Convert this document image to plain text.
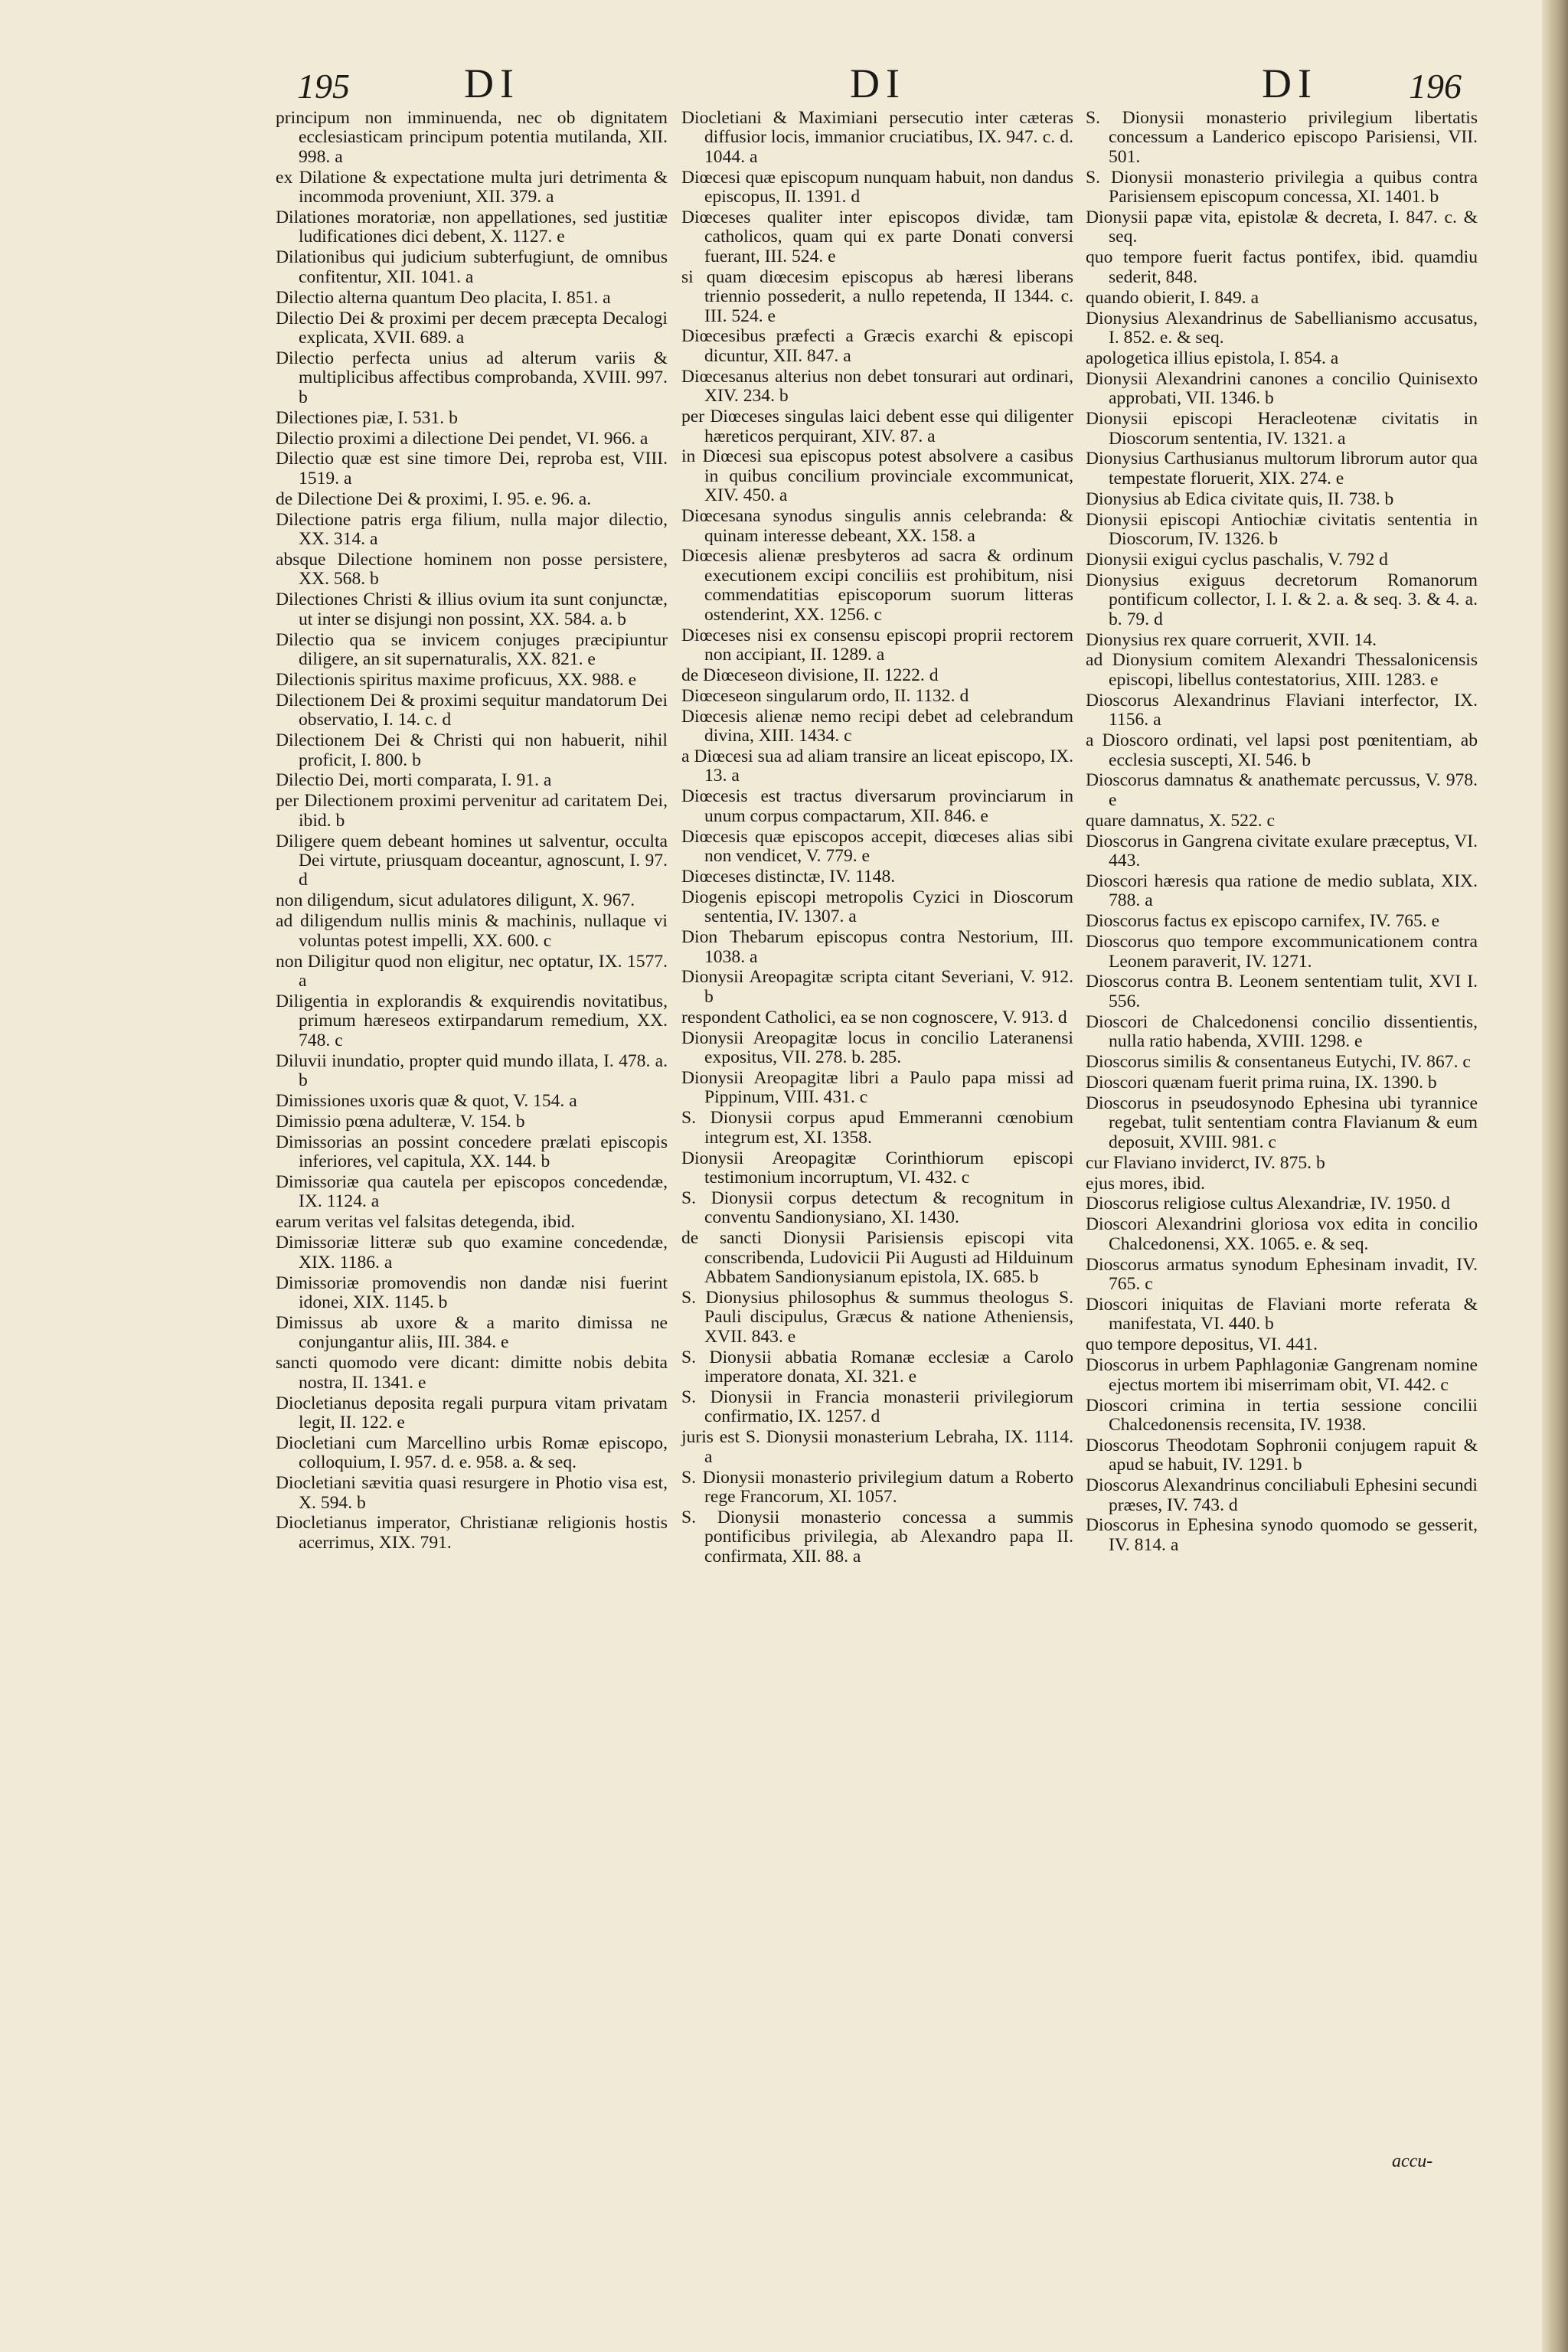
195	DI	DI	DI	196

principum non imminuenda, nec ob dignitatem ecclesiasticam principum potentia mutilanda, XII. 998. a

ex Dilatione & expectatione multa juri detrimenta & incommoda proveniunt, XII. 379. a

Dilationes moratoriæ, non appellationes, sed justitiæ ludificationes dici debent, X. 1127. e

Dilationibus qui judicium subterfugiunt, de omnibus confitentur, XII. 1041. a

Dilectio alterna quantum Deo placita, I. 851. a

Dilectio Dei & proximi per decem præcepta Decalogi explicata, XVII. 689. a

Dilectio perfecta unius ad alterum variis & multiplicibus affectibus comprobanda, XVIII. 997. b

Dilectiones piæ, I. 531. b

Dilectio proximi a dilectione Dei pendet, VI. 966. a

Dilectio quæ est sine timore Dei, reproba est, VIII. 1519. a

de Dilectione Dei & proximi, I. 95. e. 96. a.

Dilectione patris erga filium, nulla major dilectio, XX. 314. a

absque Dilectione hominem non posse persistere, XX. 568. b

Dilectiones Christi & illius ovium ita sunt conjunctæ, ut inter se disjungi non possint, XX. 584. a. b

Dilectio qua se invicem conjuges præcipiuntur diligere, an sit supernaturalis, XX. 821. e

Dilectionis spiritus maxime proficuus, XX. 988. e

Dilectionem Dei & proximi sequitur mandatorum Dei observatio, I. 14. c. d

Dilectionem Dei & Christi qui non habuerit, nihil proficit, I. 800. b

Dilectio Dei, morti comparata, I. 91. a

per Dilectionem proximi pervenitur ad caritatem Dei, ibid. b

Diligere quem debeant homines ut salventur, occulta Dei virtute, priusquam doceantur, agnoscunt, I. 97. d

non diligendum, sicut adulatores diligunt, X. 967.

ad diligendum nullis minis & machinis, nullaque vi voluntas potest impelli, XX. 600. c

non Diligitur quod non eligitur, nec optatur, IX. 1577. a

Diligentia in explorandis & exquirendis novitatibus, primum hæreseos extirpandarum remedium, XX. 748. c

Diluvii inundatio, propter quid mundo illata, I. 478. a. b

Dimissiones uxoris quæ & quot, V. 154. a

Dimissio pœna adulteræ, V. 154. b

Dimissorias an possint concedere prælati episcopis inferiores, vel capitula, XX. 144. b

Dimissoriæ qua cautela per episcopos concedendæ, IX. 1124. a

earum veritas vel falsitas detegenda, ibid.

Dimissoriæ litteræ sub quo examine concedendæ, XIX. 1186. a

Dimissoriæ promovendis non dandæ nisi fuerint idonei, XIX. 1145. b

Dimissus ab uxore & a marito dimissa ne conjungantur aliis, III. 384. e

sancti quomodo vere dicant: dimitte nobis debita nostra, II. 1341. e

Diocletianus deposita regali purpura vitam privatam legit, II. 122. e

Diocletiani cum Marcellino urbis Romæ episcopo, colloquium, I. 957. d. e. 958. a. & seq.

Diocletiani sævitia quasi resurgere in Photio visa est, X. 594. b

Diocletianus imperator, Christianæ religionis hostis acerrimus, XIX. 791.

Diocletiani & Maximiani persecutio inter cæteras diffusior locis, immanior cruciatibus, IX. 947. c. d. 1044. a

Diœcesi quæ episcopum nunquam habuit, non dandus episcopus, II. 1391. d

Diœceses qualiter inter episcopos dividæ, tam catholicos, quam qui ex parte Donati conversi fuerant, III. 524. e

si quam diœcesim episcopus ab hæresi liberans triennio possederit, a nullo repetenda, II 1344. c. III. 524. e

Diœcesibus præfecti a Græcis exarchi & episcopi dicuntur, XII. 847. a

Diœcesanus alterius non debet tonsurari aut ordinari, XIV. 234. b

per Diœceses singulas laici debent esse qui diligenter hæreticos perquirant, XIV. 87. a

in Diœcesi sua episcopus potest absolvere a casibus in quibus concilium provinciale excommunicat, XIV. 450. a

Diœcesana synodus singulis annis celebranda: & quinam interesse debeant, XX. 158. a

Diœcesis alienæ presbyteros ad sacra & ordinum executionem excipi conciliis est prohibitum, nisi commendatitias episcoporum suorum litteras ostenderint, XX. 1256. c

Diœceses nisi ex consensu episcopi proprii rectorem non accipiant, II. 1289. a

de Diœceseon divisione, II. 1222. d

Diœceseon singularum ordo, II. 1132. d

Diœcesis alienæ nemo recipi debet ad celebrandum divina, XIII. 1434. c

a Diœcesi sua ad aliam transire an liceat episcopo, IX. 13. a

Diœcesis est tractus diversarum provinciarum in unum corpus compactarum, XII. 846. e

Diœcesis quæ episcopos accepit, diœceses alias sibi non vendicet, V. 779. e

Diœceses distinctæ, IV. 1148.

Diogenis episcopi metropolis Cyzici in Dioscorum sententia, IV. 1307. a

Dion Thebarum episcopus contra Nestorium, III. 1038. a

Dionysii Areopagitæ scripta citant Severiani, V. 912. b

respondent Catholici, ea se non cognoscere, V. 913. d

Dionysii Areopagitæ locus in concilio Lateranensi expositus, VII. 278. b. 285.

Dionysii Areopagitæ libri a Paulo papa missi ad Pippinum, VIII. 431. c

S. Dionysii corpus apud Emmeranni cœnobium integrum est, XI. 1358.

Dionysii Areopagitæ Corinthiorum episcopi testimonium incorruptum, VI. 432. c

S. Dionysii corpus detectum & recognitum in conventu Sandionysiano, XI. 1430.

de sancti Dionysii Parisiensis episcopi vita conscribenda, Ludovicii Pii Augusti ad Hilduinum Abbatem Sandionysianum epistola, IX. 685. b

S. Dionysius philosophus & summus theologus S. Pauli discipulus, Græcus & natione Atheniensis, XVII. 843. e

S. Dionysii abbatia Romanæ ecclesiæ a Carolo imperatore donata, XI. 321. e

S. Dionysii in Francia monasterii privilegiorum confirmatio, IX. 1257. d

juris est S. Dionysii monasterium Lebraha, IX. 1114. a

S. Dionysii monasterio privilegium datum a Roberto rege Francorum, XI. 1057.

S. Dionysii monasterio concessa a summis pontificibus privilegia, ab Alexandro papa II. confirmata, XII. 88. a

S. Dionysii monasterio privilegium libertatis concessum a Landerico episcopo Parisiensi, VII. 501.

S. Dionysii monasterio privilegia a quibus contra Parisiensem episcopum concessa, XI. 1401. b

Dionysii papæ vita, epistolæ & decreta, I. 847. c. & seq.

quo tempore fuerit factus pontifex, ibid. quamdiu sederit, 848.

quando obierit, I. 849. a

Dionysius Alexandrinus de Sabellianismo accusatus, I. 852. e. & seq.

apologetica illius epistola, I. 854. a

Dionysii Alexandrini canones a concilio Quinisexto approbati, VII. 1346. b

Dionysii episcopi Heracleotenæ civitatis in Dioscorum sententia, IV. 1321. a

Dionysius Carthusianus multorum librorum autor qua tempestate floruerit, XIX. 274. e

Dionysius ab Edica civitate quis, II. 738. b

Dionysii episcopi Antiochiæ civitatis sententia in Dioscorum, IV. 1326. b

Dionysii exigui cyclus paschalis, V. 792 d

Dionysius exiguus decretorum Romanorum pontificum collector, I. I. & 2. a. & seq. 3. & 4. a. b. 79. d

Dionysius rex quare corruerit, XVII. 14.

ad Dionysium comitem Alexandri Thessalonicensis episcopi, libellus contestatorius, XIII. 1283. e

Dioscorus Alexandrinus Flaviani interfector, IX. 1156. a

a Dioscoro ordinati, vel lapsi post pœnitentiam, ab ecclesia suscepti, XI. 546. b

Dioscorus damnatus & anathematє percussus, V. 978. e

quare damnatus, X. 522. c

Dioscorus in Gangrena civitate exulare præceptus, VI. 443.

Dioscori hæresis qua ratione de medio sublata, XIX. 788. a

Dioscorus factus ex episcopo carnifex, IV. 765. e

Dioscorus quo tempore excommunicationem contra Leonem paraverit, IV. 1271.

Dioscorus contra B. Leonem sententiam tulit, XVI I. 556.

Dioscori de Chalcedonensi concilio dissentientis, nulla ratio habenda, XVIII. 1298. e

Dioscorus similis & consentaneus Eutychi, IV. 867. c

Dioscori quænam fuerit prima ruina, IX. 1390. b

Dioscorus in pseudosynodo Ephesina ubi tyrannice regebat, tulit sententiam contra Flavianum & eum deposuit, XVIII. 981. c

cur Flaviano inviderct, IV. 875. b

ejus mores, ibid.

Dioscorus religiose cultus Alexandriæ, IV. 1950. d

Dioscori Alexandrini gloriosa vox edita in concilio Chalcedonensi, XX. 1065. e. & seq.

Dioscorus armatus synodum Ephesinam invadit, IV. 765. c

Dioscori iniquitas de Flaviani morte referata & manifestata, VI. 440. b

quo tempore depositus, VI. 441.

Dioscorus in urbem Paphlagoniæ Gangrenam nomine ejectus mortem ibi miserrimam obit, VI. 442. c

Dioscori crimina in tertia sessione concilii Chalcedonensis recensita, IV. 1938.

Dioscorus Theodotam Sophronii conjugem rapuit & apud se habuit, IV. 1291. b

Dioscorus Alexandrinus conciliabuli Ephesini secundi præses, IV. 743. d

Dioscorus in Ephesina synodo quomodo se gesserit, IV. 814. a

accu-
